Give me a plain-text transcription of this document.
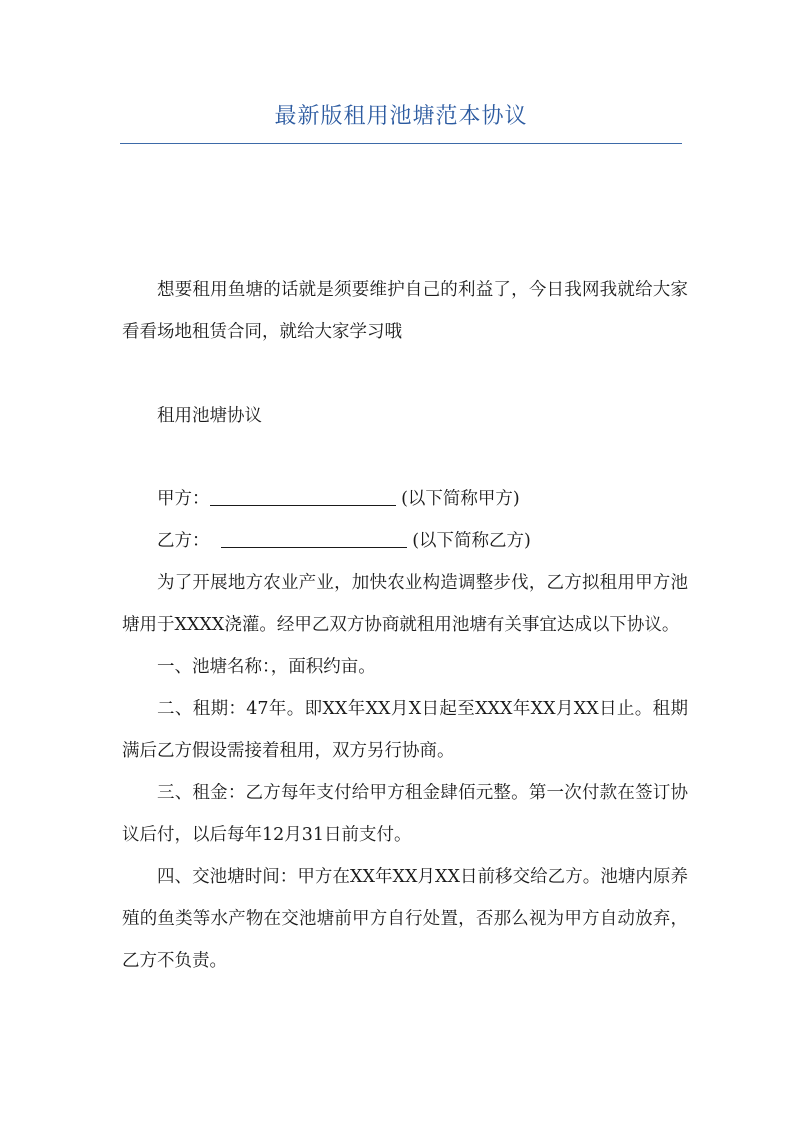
最新版租用池塘范本协议

想要租用鱼塘的话就是须要维护自己的利益了，今日我网我就给大家看看场地租赁合同，就给大家学习哦

租用池塘协议

甲方：	(以下简称甲方)

乙方：	(以下简称乙方)

为了开展地方农业产业，加快农业构造调整步伐，乙方拟租用甲方池塘用于XXXX浇灌。经甲乙双方协商就租用池塘有关事宜达成以下协议。

一、池塘名称：，面积约亩。

二、租期：47年。即XX年XX月X日起至XXX年XX月XX日止。租期满后乙方假设需接着租用，双方另行协商。

三、租金：乙方每年支付给甲方租金肆佰元整。第一次付款在签订协议后付，以后每年12月31日前支付。

四、交池塘时间：甲方在XX年XX月XX日前移交给乙方。池塘内原养殖的鱼类等水产物在交池塘前甲方自行处置，否那么视为甲方自动放弃，乙方不负责。
